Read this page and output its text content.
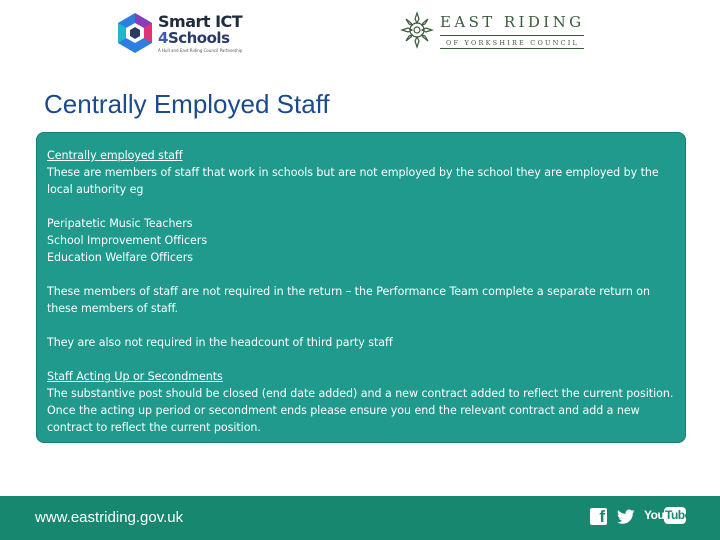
Smart ICT
4Schools
A Hull and East Riding Council Partnership
EAST RIDING
OF YORKSHIRE COUNCIL
Centrally Employed Staff

Centrally employed staff

These are members of staff that work in schools but are not employed by the school they are employed by the local authority eg

Peripatetic Music Teachers

School Improvement Officers

Education Welfare Officers

These members of staff are not required in the return – the Performance Team complete a separate return on these members of staff.

They are also not required in the headcount of third party staff

Staff Acting Up or Secondments

The substantive post should be closed (end date added) and a new contract added to reflect the current position. Once the acting up period or secondment ends please ensure you end the relevant contract and add a new contract to reflect the current position.

www.eastriding.gov.uk	f	You Tube
